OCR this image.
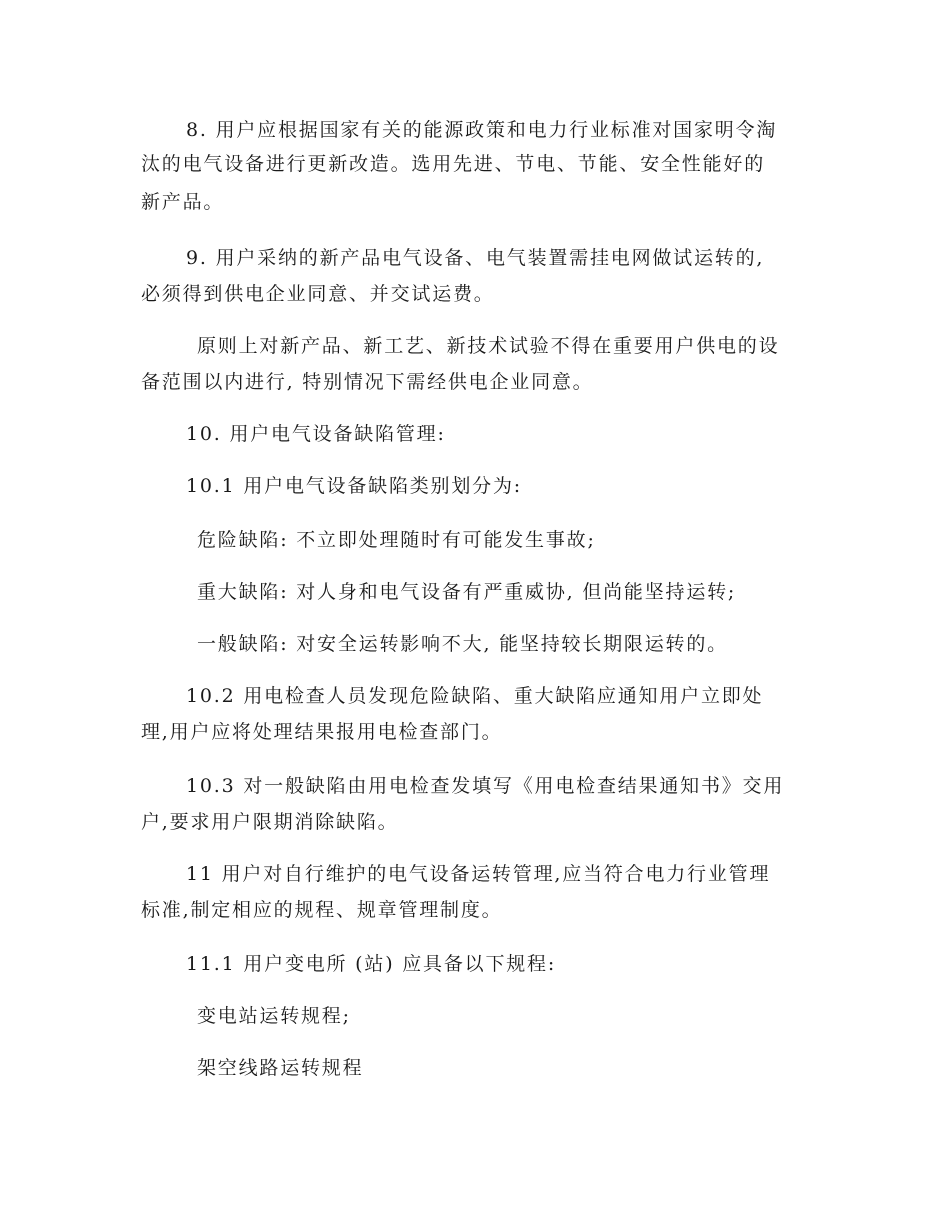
8. 用户应根据国家有关的能源政策和电力行业标准对国家明令淘
汰的电气设备进行更新改造。选用先进、节电、节能、安全性能好的
新产品。
9. 用户采纳的新产品电气设备、电气装置需挂电网做试运转的,
必须得到供电企业同意、并交试运费。
原则上对新产品、新工艺、新技术试验不得在重要用户供电的设
备范围以内进行, 特别情况下需经供电企业同意。
10. 用户电气设备缺陷管理:
10.1 用户电气设备缺陷类别划分为:
危险缺陷: 不立即处理随时有可能发生事故;
重大缺陷: 对人身和电气设备有严重威协, 但尚能坚持运转;
一般缺陷: 对安全运转影响不大, 能坚持较长期限运转的。
10.2 用电检查人员发现危险缺陷、重大缺陷应通知用户立即处
理,用户应将处理结果报用电检查部门。
10.3 对一般缺陷由用电检查发填写《用电检查结果通知书》交用
户,要求用户限期消除缺陷。
11 用户对自行维护的电气设备运转管理,应当符合电力行业管理
标准,制定相应的规程、规章管理制度。
11.1 用户变电所 (站) 应具备以下规程:
变电站运转规程;
架空线路运转规程
